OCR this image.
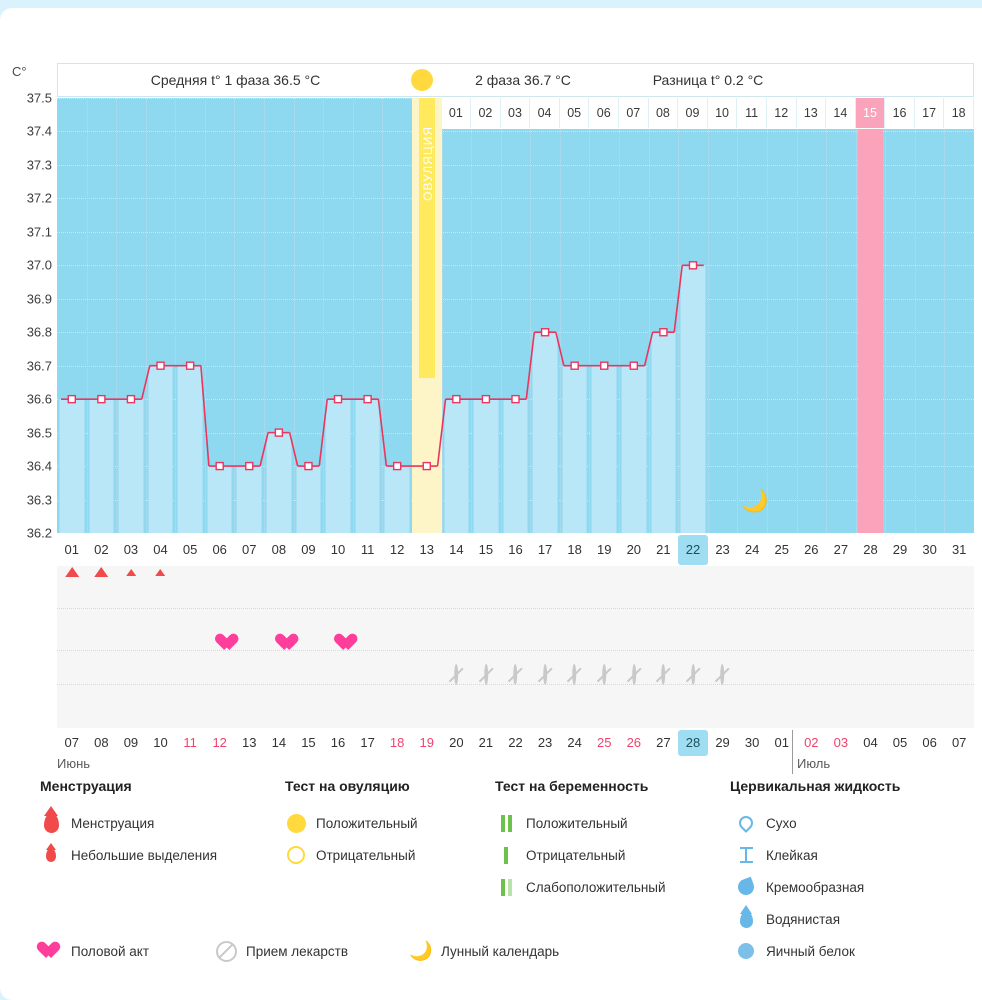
C°
37.5
37.4
37.3
37.2
37.1
37.0
36.9
36.8
36.7
36.6
36.5
36.4
36.3
36.2
Средняя t° 1 фаза 36.5 °C	2 фаза 36.7 °C	Разница t° 0.2 °C
ОВУЛЯЦИЯ
01	02	03	04	05	06	07	08	09	10	11	12	13	14	15	16	17	18
🌙
01	02	03	04	05	06	07	08	09	10	11	12	13	14	15	16	17	18	19	20	21	22	23	24	25	26	27	28	29	30	31
Июнь	Июль
07	08	09	10	11	12	13	14	15	16	17	18	19	20	21	22	23	24	25	26	27	28	29	30	01	02	03	04	05	06	07
Менструация
Менструация
Небольшие выделения
Тест на овуляцию
Положительный
Отрицательный
Тест на беременность
Положительный
Отрицательный
Слабоположительный
Цервикальная жидкость
Сухо
Клейкая
Кремообразная
Водянистая
Яичный белок
Половой акт	Прием лекарств	🌙 Лунный календарь
